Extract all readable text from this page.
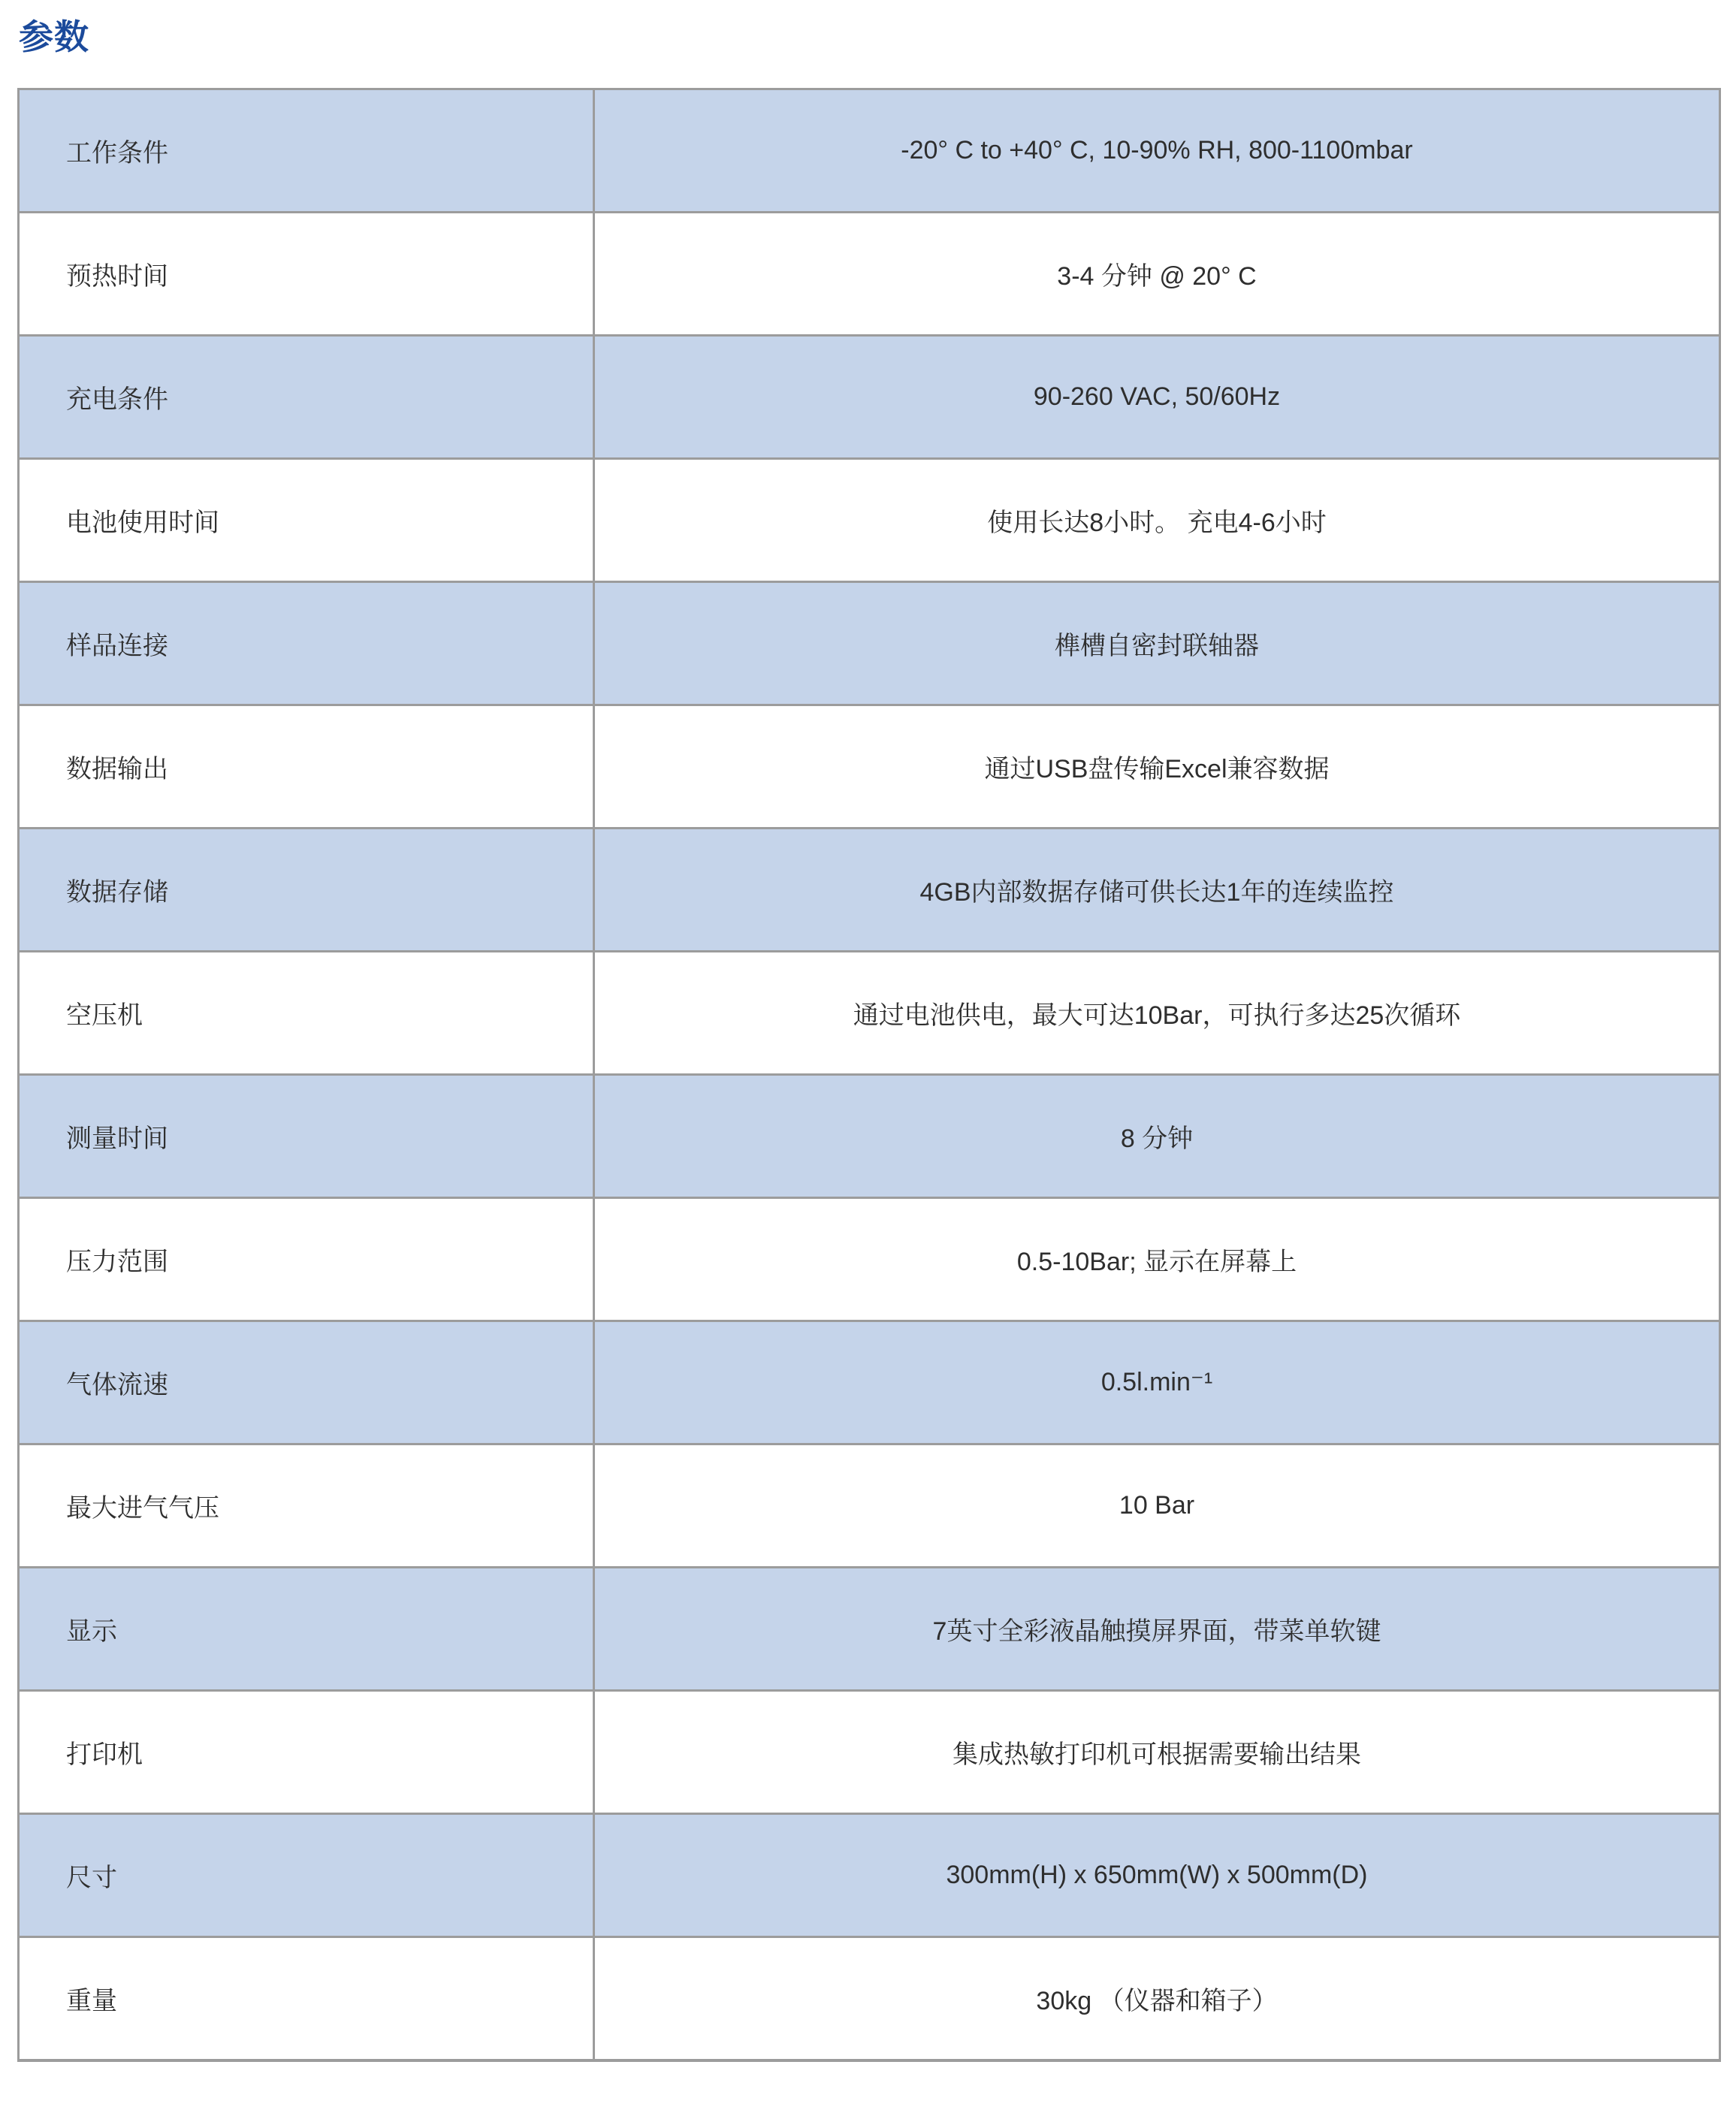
参数
工作条件	-20° C to +40° C, 10-90% RH, 800-1100mbar
预热时间	3-4 分钟 @ 20° C
充电条件	90-260 VAC, 50/60Hz
电池使用时间	使用长达8小时。 充电4-6小时
样品连接	榫槽自密封联轴器
数据输出	通过USB盘传输Excel兼容数据
数据存储	4GB内部数据存储可供长达1年的连续监控
空压机	通过电池供电，最大可达10Bar，可执行多达25次循环
测量时间	8 分钟
压力范围	0.5-10Bar; 显示在屏幕上
气体流速	0.5l.min⁻¹
最大进气气压	10 Bar
显示	7英寸全彩液晶触摸屏界面，带菜单软键
打印机	集成热敏打印机可根据需要输出结果
尺寸	300mm(H) x 650mm(W) x 500mm(D)
重量	30kg （仪器和箱子）
